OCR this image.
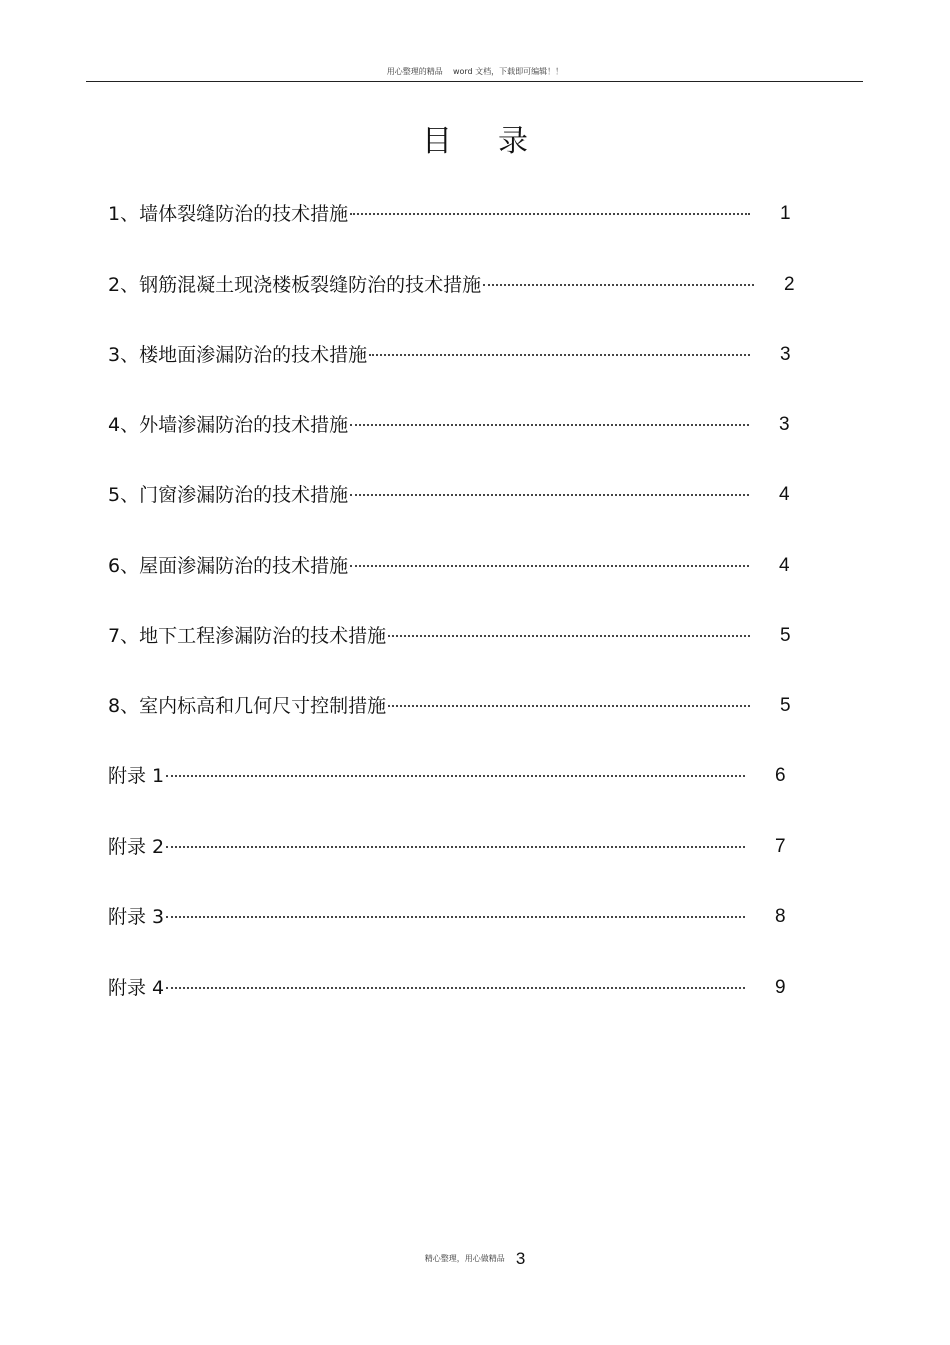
用心整理的精品    word 文档，下载即可编辑！！
目录
1、墙体裂缝防治的技术措施	1
2、钢筋混凝土现浇楼板裂缝防治的技术措施	2
3、楼地面渗漏防治的技术措施	3
4、外墙渗漏防治的技术措施	3
5、门窗渗漏防治的技术措施	4
6、屋面渗漏防治的技术措施	4
7、地下工程渗漏防治的技术措施	5
8、室内标高和几何尺寸控制措施	5
附录 1	6
附录 2	7
附录 3	8
附录 4	9
精心整理，用心做精品 3
